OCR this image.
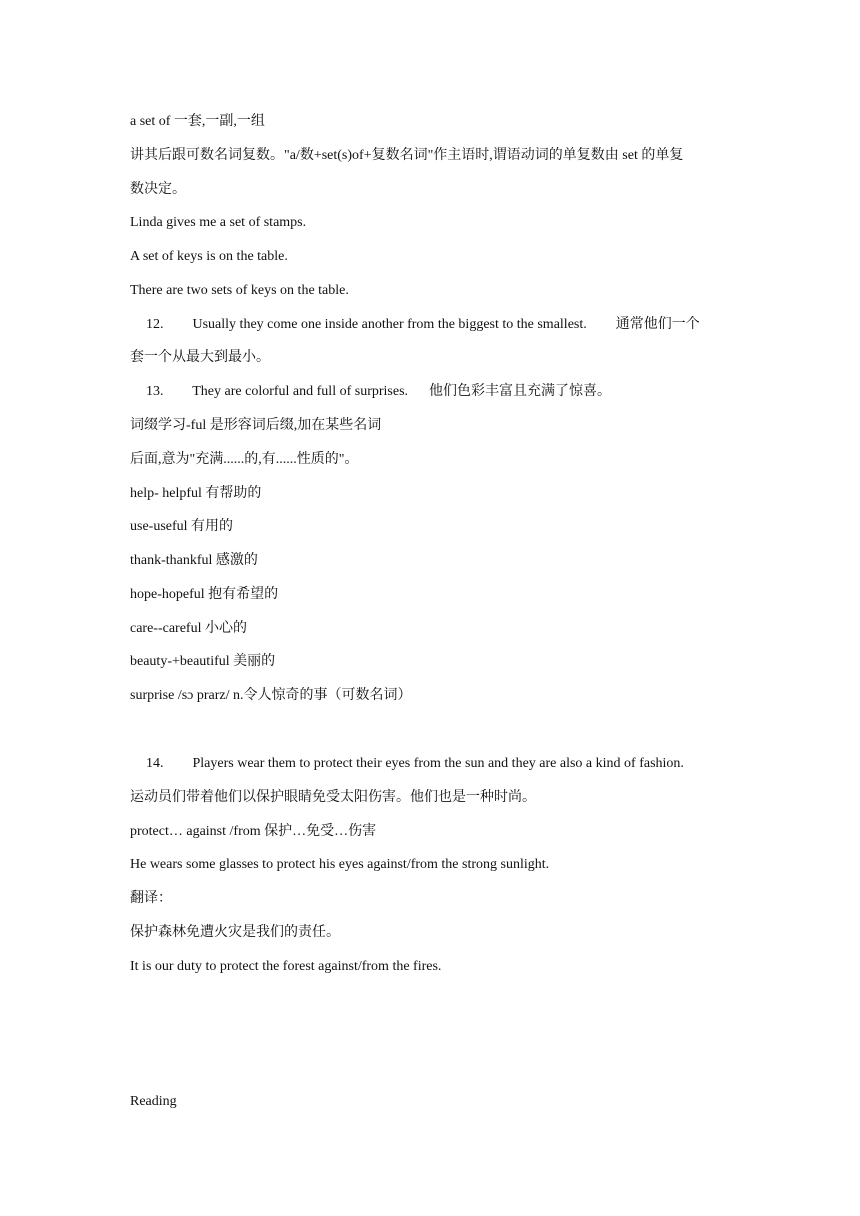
a set of 一套,一副,一组
讲其后跟可数名词复数。"a/数+set(s)of+复数名词"作主语时,谓语动词的单复数由 set 的单复
数决定。
Linda gives me a set of stamps.
A set of keys is on the table.
There are two sets of keys on the table.
12. Usually they come one inside another from the biggest to the smallest. 通常他们一个
套一个从最大到最小。
13. They are colorful and full of surprises. 他们色彩丰富且充满了惊喜。
词缀学习-ful 是形容词后缀,加在某些名词
后面,意为"充满......的,有......性质的"。
help- helpful 有帮助的
use-useful 有用的
thank-thankful 感激的
hope-hopeful 抱有希望的
care--careful 小心的
beauty-+beautiful 美丽的
surprise /sɔ prarz/ n.令人惊奇的事（可数名词）
14. Players wear them to protect their eyes from the sun and they are also a kind of fashion.
运动员们带着他们以保护眼睛免受太阳伤害。他们也是一种时尚。
protect… against /from 保护…免受…伤害
He wears some glasses to protect his eyes against/from the strong sunlight.
翻译：
保护森林免遭火灾是我们的责任。
It is our duty to protect the forest against/from the fires.
Reading
